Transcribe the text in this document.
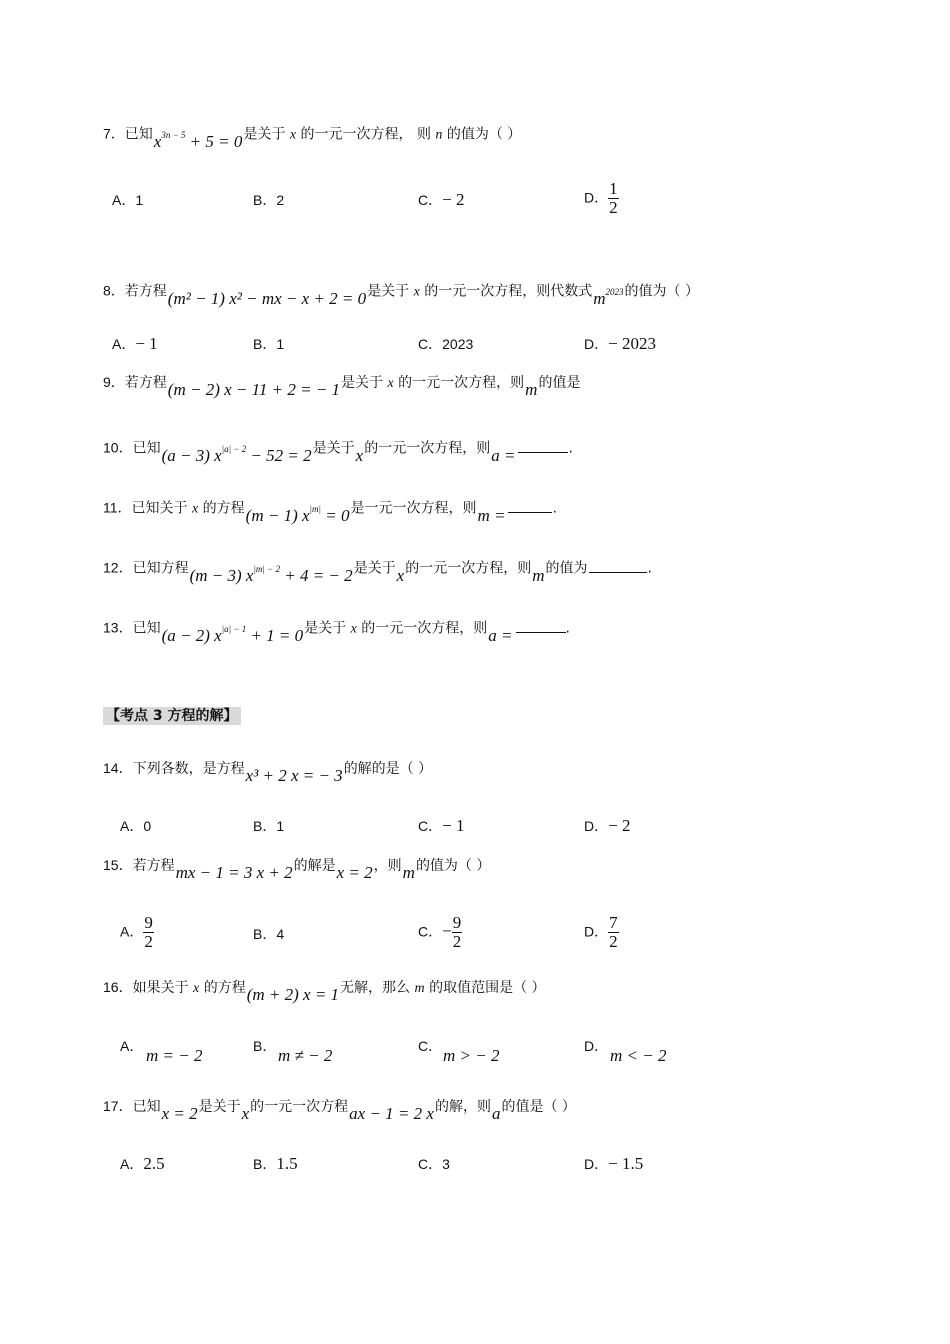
7．已知$x^{3n - 5} + 5 = 0$是关于 x 的一元一次方程， 则 n 的值为（ ）
A．1	B．2	C．− 2	D． $\frac{1}{2}$
8．若方程(m² − 1) x² − mx − x + 2 = 0是关于 x 的一元一次方程，则代数式$m^{2023}$的值为（ ）
A．− 1	B．1	C．2023	D．− 2023
9．若方程(m − 2) x − 11 + 2 = − 1是关于 x 的一元一次方程，则m的值是
10．已知(a − 3) $x^{|a| - 2} - 52 = 2$是关于x的一元一次方程，则a =	.
11．已知关于 x 的方程(m − 1) $x^{|m|} = 0$是一元一次方程，则m =	.
12．已知方程(m − 3) $x^{|m| - 2} + 4$ = − 2是关于x的一元一次方程，则m的值为	.
13．已知(a − 2) $x^{|a| - 1} + 1 = 0$是关于 x 的一元一次方程，则a =	.
【考点 3 方程的解】
14．下列各数，是方程x³ + 2 x = − 3的解的是（ ）
A．0	B．1	C．− 1	D．− 2
15．若方程mx − 1 = 3 x + 2的解是x = 2，则m的值为（ ）
A． $\frac{9}{2}$	B．4	C．− $\frac{9}{2}$	D． $\frac{7}{2}$
16．如果关于 x 的方程(m + 2) x = 1无解，那么 m 的取值范围是（ ）
A． m = − 2	B． m ≠ − 2	C． m > − 2	D． m < − 2
17．已知x = 2是关于x的一元一次方程ax − 1 = 2 x的解，则a的值是（ ）
A．2.5	B．1.5	C．3	D．− 1.5
